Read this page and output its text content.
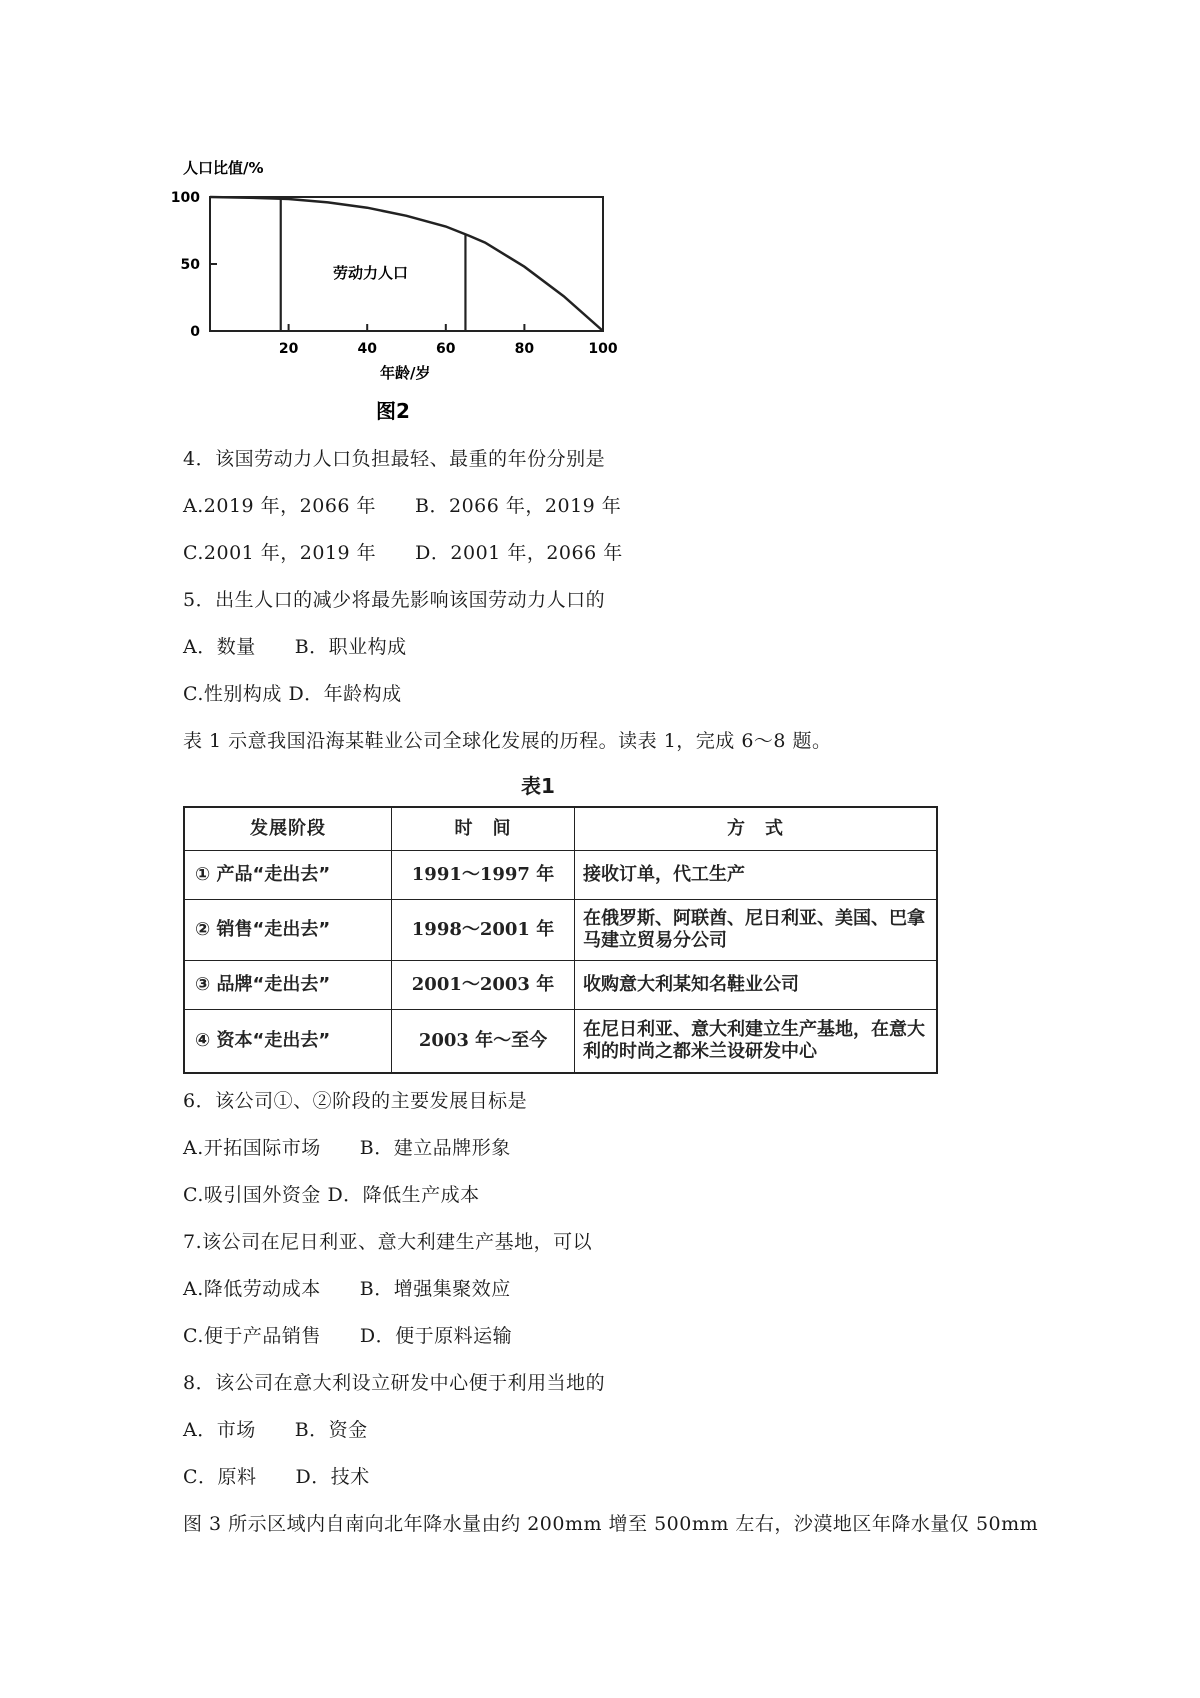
人口比值/%
0
50
100
20	40	60	80	100
劳动力人口
年龄/岁
图2
4．该国劳动力人口负担最轻、最重的年份分别是
A.2019 年，2066 年　　B．2066 年，2019 年
C.2001 年，2019 年　　D．2001 年，2066 年
5．出生人口的减少将最先影响该国劳动力人口的
A．数量　　B．职业构成
C.性别构成 D．年龄构成
表 1 示意我国沿海某鞋业公司全球化发展的历程。读表 1，完成 6～8 题。
表1
发展阶段	时　间	方　式
① 产品“走出去”	1991～1997 年	接收订单，代工生产
② 销售“走出去”	1998～2001 年	在俄罗斯、阿联酋、尼日利亚、美国、巴拿马建立贸易分公司
③ 品牌“走出去”	2001～2003 年	收购意大利某知名鞋业公司
④ 资本“走出去”	2003 年～至今	在尼日利亚、意大利建立生产基地，在意大利的时尚之都米兰设研发中心
6．该公司①、②阶段的主要发展目标是
A.开拓国际市场　　B．建立品牌形象
C.吸引国外资金 D．降低生产成本
7.该公司在尼日利亚、意大利建生产基地，可以
A.降低劳动成本　　B．增强集聚效应
C.便于产品销售　　D．便于原料运输
8．该公司在意大利设立研发中心便于利用当地的
A．市场　　B．资金
C．原料　　D．技术
图 3 所示区域内自南向北年降水量由约 200mm 增至 500mm 左右，沙漠地区年降水量仅 50mm
